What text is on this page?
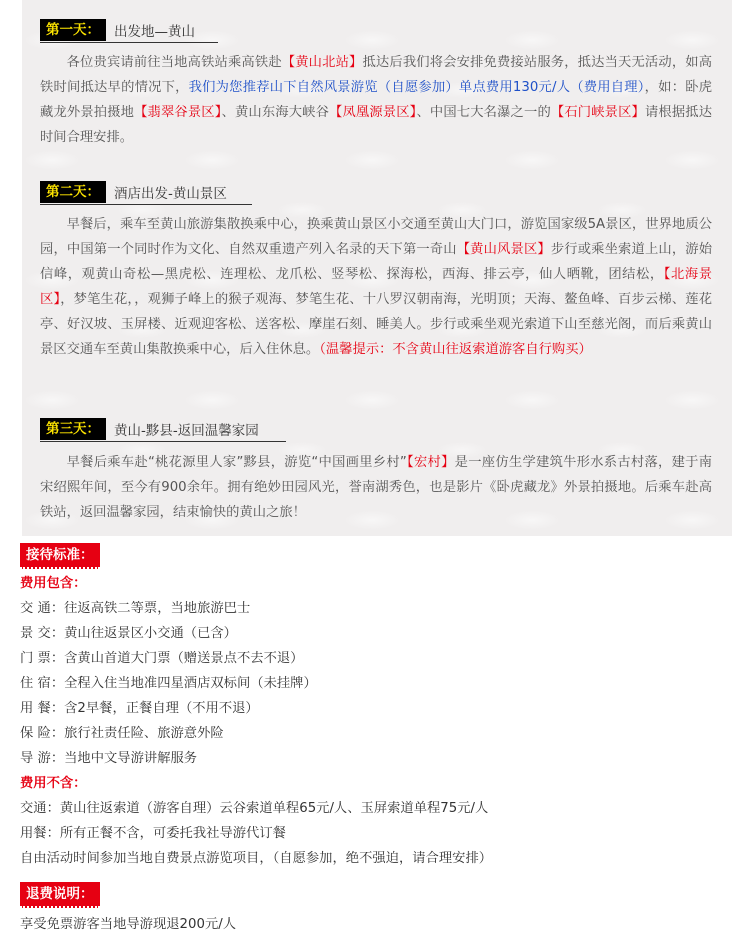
第一天：	出发地—黄山
各位贵宾请前往当地高铁站乘高铁赴【黄山北站】抵达后我们将会安排免费接站服务，抵达当天无活动，如高铁时间抵达早的情况下，我们为您推荐山下自然风景游览（自愿参加）单点费用130元/人（费用自理），如：卧虎藏龙外景拍摄地【翡翠谷景区】、黄山东海大峡谷【凤凰源景区】、中国七大名瀑之一的【石门峡景区】请根据抵达时间合理安排。
第二天：	酒店出发-黄山景区
早餐后，乘车至黄山旅游集散换乘中心，换乘黄山景区小交通至黄山大门口，游览国家级5A景区，世界地质公园，中国第一个同时作为文化、自然双重遗产列入名录的天下第一奇山【黄山风景区】步行或乘坐索道上山，游始信峰，观黄山奇松—黑虎松、连理松、龙爪松、竖琴松、探海松，西海、排云亭，仙人晒靴，团结松，【北海景区】，梦笔生花，，观狮子峰上的猴子观海、梦笔生花、十八罗汉朝南海，光明顶；天海、鳌鱼峰、百步云梯、莲花亭、好汉坡、玉屏楼、近观迎客松、送客松、摩崖石刻、睡美人。步行或乘坐观光索道下山至慈光阁，而后乘黄山景区交通车至黄山集散换乘中心，后入住休息。（温馨提示：不含黄山往返索道游客自行购买）
第三天：	黄山-黟县-返回温馨家园
早餐后乘车赴“桃花源里人家”黟县，游览“中国画里乡村”【宏村】是一座仿生学建筑牛形水系古村落，建于南宋绍熙年间，至今有900余年。拥有绝妙田园风光，誉南湖秀色，也是影片《卧虎藏龙》外景拍摄地。后乘车赴高铁站，返回温馨家园，结束愉快的黄山之旅！
接待标准：
费用包含：
交 通：往返高铁二等票，当地旅游巴士
景 交：黄山往返景区小交通（已含）
门 票：含黄山首道大门票（赠送景点不去不退）
住 宿：全程入住当地准四星酒店双标间（未挂牌）
用 餐：含2早餐，正餐自理（不用不退）
保 险：旅行社责任险、旅游意外险
导 游：当地中文导游讲解服务
费用不含：
交通：黄山往返索道（游客自理）云谷索道单程65元/人、玉屏索道单程75元/人
用餐：所有正餐不含，可委托我社导游代订餐
自由活动时间参加当地自费景点游览项目，（自愿参加，绝不强迫，请合理安排）
退费说明：
享受免票游客当地导游现退200元/人
